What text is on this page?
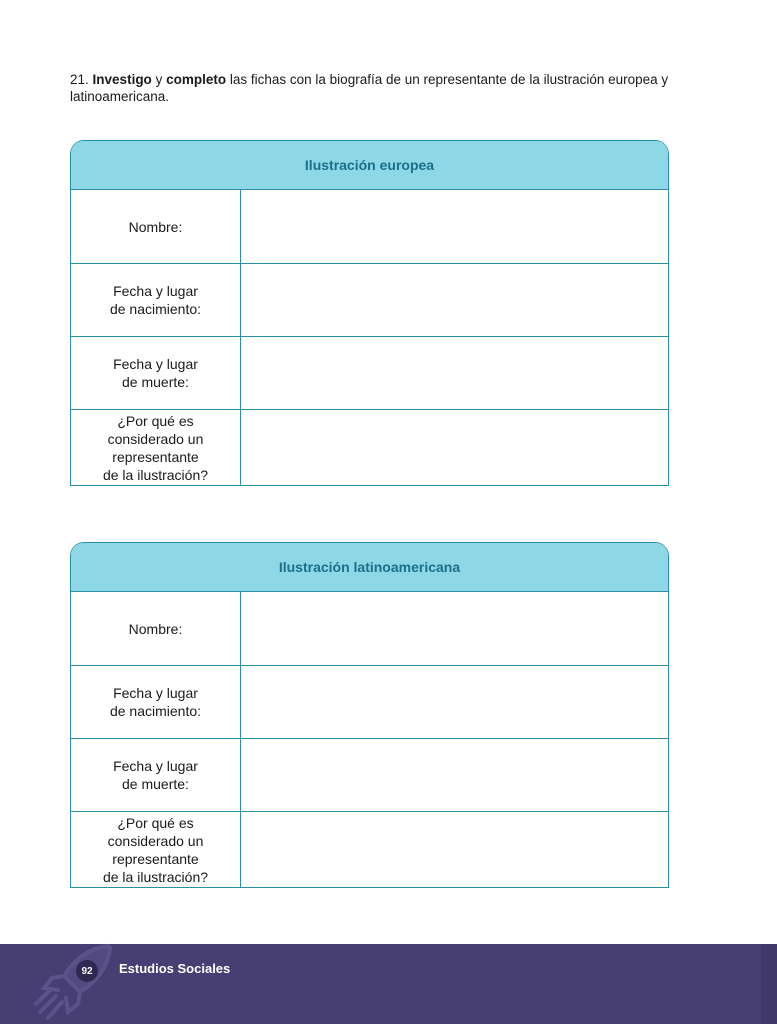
21. Investigo y completo las fichas con la biografía de un representante de la ilustración europea y latinoamericana.
Ilustración europea
Nombre:
Fecha y lugar
de nacimiento:
Fecha y lugar
de muerte:
¿Por qué es
considerado un
representante
de la ilustración?
Ilustración latinoamericana
Nombre:
Fecha y lugar
de nacimiento:
Fecha y lugar
de muerte:
¿Por qué es
considerado un
representante
de la ilustración?
92	Estudios Sociales
